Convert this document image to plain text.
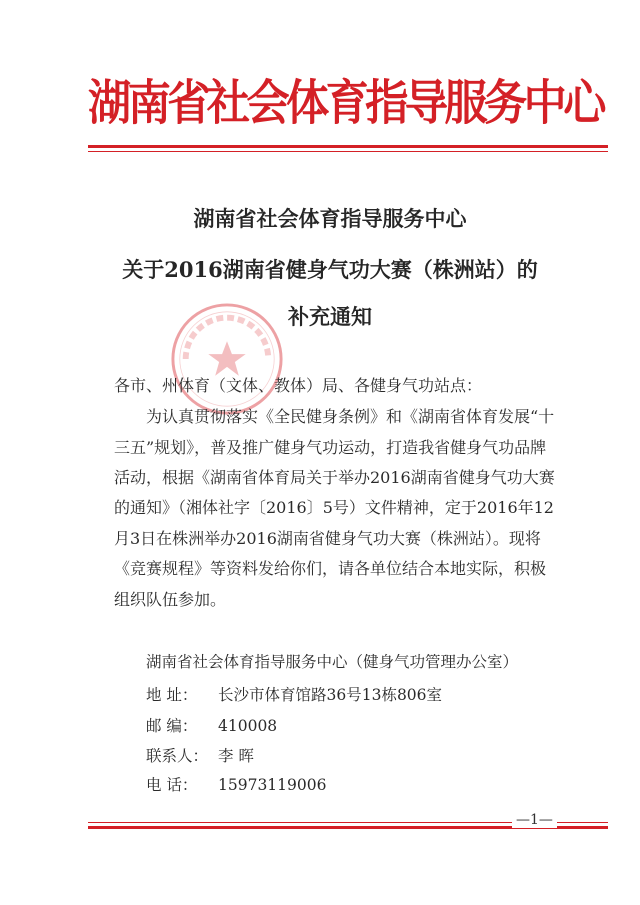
湖南省社会体育指导服务中心
湖南省社会体育指导服务中心
关于2016湖南省健身气功大赛（株洲站）的
补充通知
各市、州体育（文体、教体）局、各健身气功站点：
为认真贯彻落实《全民健身条例》和《湖南省体育发展“十
三五”规划》，普及推广健身气功运动，打造我省健身气功品牌
活动，根据《湖南省体育局关于举办2016湖南省健身气功大赛
的通知》（湘体社字〔2016〕5号）文件精神，定于2016年12
月3日在株洲举办2016湖南省健身气功大赛（株洲站）。现将
《竞赛规程》等资料发给你们，请各单位结合本地实际，积极
组织队伍参加。
湖南省社会体育指导服务中心（健身气功管理办公室）
地 址： 长沙市体育馆路36号13栋806室
邮 编： 410008
联系人： 李 晖
电 话： 15973119006
—1—
